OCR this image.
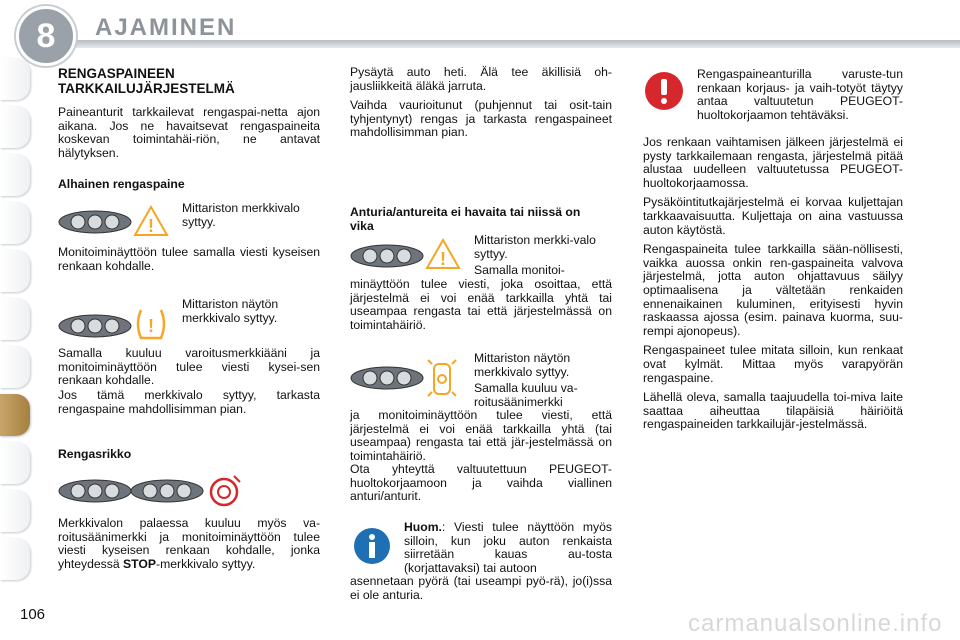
8 AJAMINEN
RENGASPAINEEN TARKKAILUJÄRJESTELMÄ

Paineanturit tarkkailevat rengaspai-netta ajon aikana. Jos ne havaitsevat rengaspaineita koskevan toimintahäi-riön, ne antavat hälytyksen.

Alhainen rengaspaine
!
Mittariston merkkivalo syttyy.
Monitoiminäyttöön tulee samalla viesti kyseisen renkaan kohdalle.
!
Mittariston näytön merkkivalo syttyy.
Samalla kuuluu varoitusmerkkiääni ja monitoiminäyttöön tulee viesti kysei-sen renkaan kohdalle.
Jos tämä merkkivalo syttyy, tarkasta rengaspaine mahdollisimman pian.
Rengasrikko
Merkkivalon palaessa kuuluu myös va-roitusäänimerkki ja monitoiminäyttöön tulee viesti kyseisen renkaan kohdalle, jonka yhteydessä STOP-merkkivalo syttyy.

Pysäytä auto heti. Älä tee äkillisiä oh-jausliikkeitä äläkä jarruta.

Vaihda vaurioitunut (puhjennut tai osit-tain tyhjentynyt) rengas ja tarkasta rengaspaineet mahdollisimman pian.

Anturia/antureita ei havaita tai niissä on vika
!
Mittariston merkki-valo syttyy.
Samalla monitoi-
minäyttöön tulee viesti, joka osoittaa, että järjestelmä ei voi enää tarkkailla yhtä tai useampaa rengasta tai että järjestelmässä on toimintahäiriö.
Mittariston näytön merkkivalo syttyy.
Samalla kuuluu va-roitusäänimerkki
ja monitoiminäyttöön tulee viesti, että järjestelmä ei voi enää tarkkailla yhtä (tai useampaa) rengasta tai että jär-jestelmässä on toimintahäiriö.
Ota yhteyttä valtuutettuun PEUGEOT-huoltokorjaamoon ja vaihda viallinen anturi/anturit.
Huom.: Viesti tulee näyttöön myös silloin, kun joku auton renkaista siirretään kauas au-tosta (korjattavaksi) tai autoon
asennetaan pyörä (tai useampi pyö-rä), jo(i)ssa ei ole anturia.
Rengaspaineanturilla varuste-tun renkaan korjaus- ja vaih-totyöt täytyy antaa valtuutetun PEUGEOT-huoltokorjaamon tehtäväksi.

Jos renkaan vaihtamisen jälkeen järjestelmä ei pysty tarkkailemaan rengasta, järjestelmä pitää alustaa uudelleen valtuutetussa PEUGEOT-huoltokorjaamossa.

Pysäköintitutkajärjestelmä ei korvaa kuljettajan tarkkaavaisuutta. Kuljettaja on aina vastuussa auton käytöstä.

Rengaspaineita tulee tarkkailla sään-nöllisesti, vaikka auossa onkin ren-gaspaineita valvova järjestelmä, jotta auton ohjattavuus säilyy optimaalisena ja vältetään renkaiden ennenaikainen kuluminen, erityisesti hyvin raskaassa ajossa (esim. painava kuorma, suu-rempi ajonopeus).

Rengaspaineet tulee mitata silloin, kun renkaat ovat kylmät. Mittaa myös varapyörän rengaspaine.

Lähellä oleva, samalla taajuudella toi-miva laite saattaa aiheuttaa tilapäisiä häiriöitä rengaspaineiden tarkkailujär-jestelmässä.

106	carmanualsonline.info
